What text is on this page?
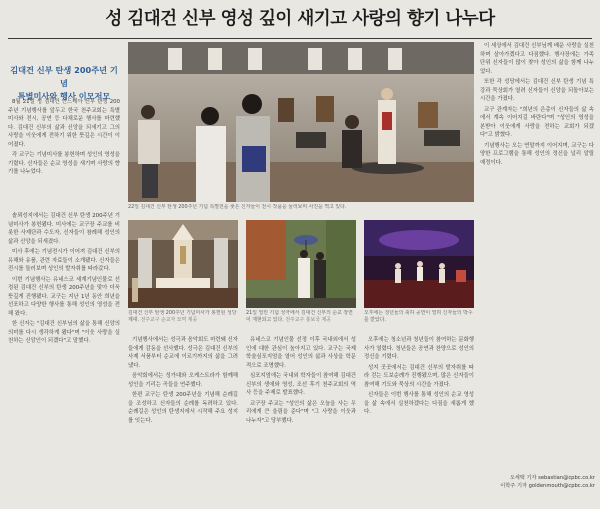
성 김대건 신부 영성 깊이 새기고 사랑의 향기 나누다
김대건 신부 탄생 200주년 기념
특별미사와 행사 이모저모

8월 21일 성 김대건 안드레아 신부 탄생 200주년 기념행사를 앞두고 한국 천주교회는 특별미사와 전시, 공연 등 다채로운 행사를 마련했다. 김대건 신부의 삶과 신앙을 되새기고 그의 사랑을 이웃에게 전하기 위한 뜻깊은 시간이 이어졌다.

각 교구는 기념미사를 봉헌하며 성인의 영성을 기렸다. 신자들은 순교 영성을 새기며 사랑의 향기를 나누었다.

솔뫼성지에서는 김대건 신부 탄생 200주년 기념미사가 봉헌됐다. 미사에는 교구장 주교를 비롯한 사제단과 수도자, 신자들이 참례해 성인의 삶과 신앙을 되새겼다.

미사 후에는 기념전시가 이어져 김대건 신부의 유해와 유품, 관련 자료들이 소개됐다. 신자들은 전시를 둘러보며 성인의 발자취를 따라갔다.

이번 기념행사는 유네스코 세계기념인물로 선정된 김대건 신부의 탄생 200주년을 맞아 더욱 뜻깊게 진행됐다. 교구는 지난 1년 동안 희년을 선포하고 다양한 행사를 통해 성인의 영성을 전해 왔다.

한 신자는 "김대건 신부님의 삶을 통해 신앙의 의미를 다시 생각하게 됐다"며 "이웃 사랑을 실천하는 신앙인이 되겠다"고 말했다.

22일 김대건 신부 탄생 200주년 기념 특별전을 찾은 신자들이 전시 작품을 둘러보며 사진을 찍고 있다.

이 세상에서 김대건 신부님께 배운 사랑을 실천하며 살아가겠다고 다짐했다. 행사장에는 가족 단위 신자들이 많이 찾아 성인의 삶을 함께 나누었다.

또한 각 성당에서는 김대건 신부 탄생 기념 특강과 묵상회가 열려 신자들이 신앙을 되돌아보는 시간을 가졌다.

교구 관계자는 "희년의 은총이 신자들의 삶 속에서 계속 이어지길 바란다"며 "성인의 영성을 본받아 이웃에게 사랑을 전하는 교회가 되겠다"고 밝혔다.

기념행사는 오는 연말까지 이어지며, 교구는 다양한 프로그램을 통해 성인의 정신을 널리 알릴 예정이다.

김대건 신부 탄생 200주년 기념미사가 봉헌된 성당 제대. 전주교구 순교자 묘역 제공
21일 열린 기념 성극에서 김대건 신부의 순교 장면이 재현되고 있다. 전주교구 홍보국 제공
오후에는 청년들의 축하 공연이 열려 신자들의 박수를 받았다.

기념행사에서는 성극과 음악회도 마련돼 신자들에게 감동을 선사했다. 성극은 김대건 신부의 사제 서품부터 순교에 이르기까지의 삶을 그려냈다.

음악회에서는 성가대와 오케스트라가 함께해 성인을 기리는 곡들을 연주했다.

한편 교구는 탄생 200주년을 기념해 순례길을 조성하고 신자들의 순례를 독려하고 있다. 순례길은 성인의 탄생지에서 시작해 주요 성지를 잇는다.

유네스코 기념인물 선정 이후 국내외에서 성인에 대한 관심이 높아지고 있다. 교구는 국제 학술심포지엄을 열어 성인의 삶과 사상을 학문적으로 조명했다.

심포지엄에는 국내외 학자들이 참여해 김대건 신부의 생애와 영성, 조선 후기 천주교회의 역사 등을 주제로 발표했다.

교구장 주교는 "성인의 삶은 오늘을 사는 우리에게 큰 울림을 준다"며 "그 사랑을 이웃과 나누자"고 당부했다.

오후에는 청소년과 청년들이 참여하는 문화행사가 열렸다. 청년들은 공연과 찬양으로 성인의 정신을 기렸다.

성지 곳곳에서는 김대건 신부의 발자취를 따라 걷는 도보순례가 진행됐으며, 많은 신자들이 참여해 기도와 묵상의 시간을 가졌다.

신자들은 이번 행사를 통해 성인의 순교 영성을 삶 속에서 실천하겠다는 다짐을 새롭게 했다.

오세택 기자 sebastian@cpbc.co.kr
이학주 기자 goldenmouth@cpbc.co.kr
